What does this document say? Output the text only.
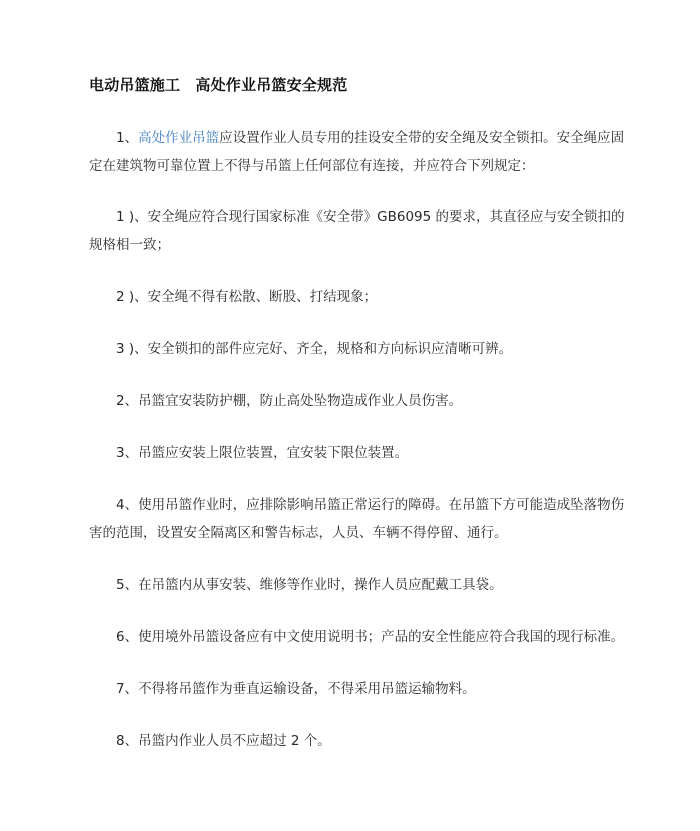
电动吊篮施工　高处作业吊篮安全规范
1、高处作业吊篮应设置作业人员专用的挂设安全带的安全绳及安全锁扣。安全绳应固
定在建筑物可靠位置上不得与吊篮上任何部位有连接，并应符合下列规定：
1 )、安全绳应符合现行国家标准《安全带》GB6095 的要求，其直径应与安全锁扣的
规格相一致；
2 )、安全绳不得有松散、断股、打结现象；
3 )、安全锁扣的部件应完好、齐全，规格和方向标识应清晰可辨。
2、吊篮宜安装防护棚，防止高处坠物造成作业人员伤害。
3、吊篮应安装上限位装置，宜安装下限位装置。
4、使用吊篮作业时，应排除影响吊篮正常运行的障碍。在吊篮下方可能造成坠落物伤
害的范围，设置安全隔离区和警告标志，人员、车辆不得停留、通行。
5、在吊篮内从事安装、维修等作业时，操作人员应配戴工具袋。
6、使用境外吊篮设备应有中文使用说明书；产品的安全性能应符合我国的现行标准。
7、不得将吊篮作为垂直运输设备，不得采用吊篮运输物料。
8、吊篮内作业人员不应超过 2 个。
